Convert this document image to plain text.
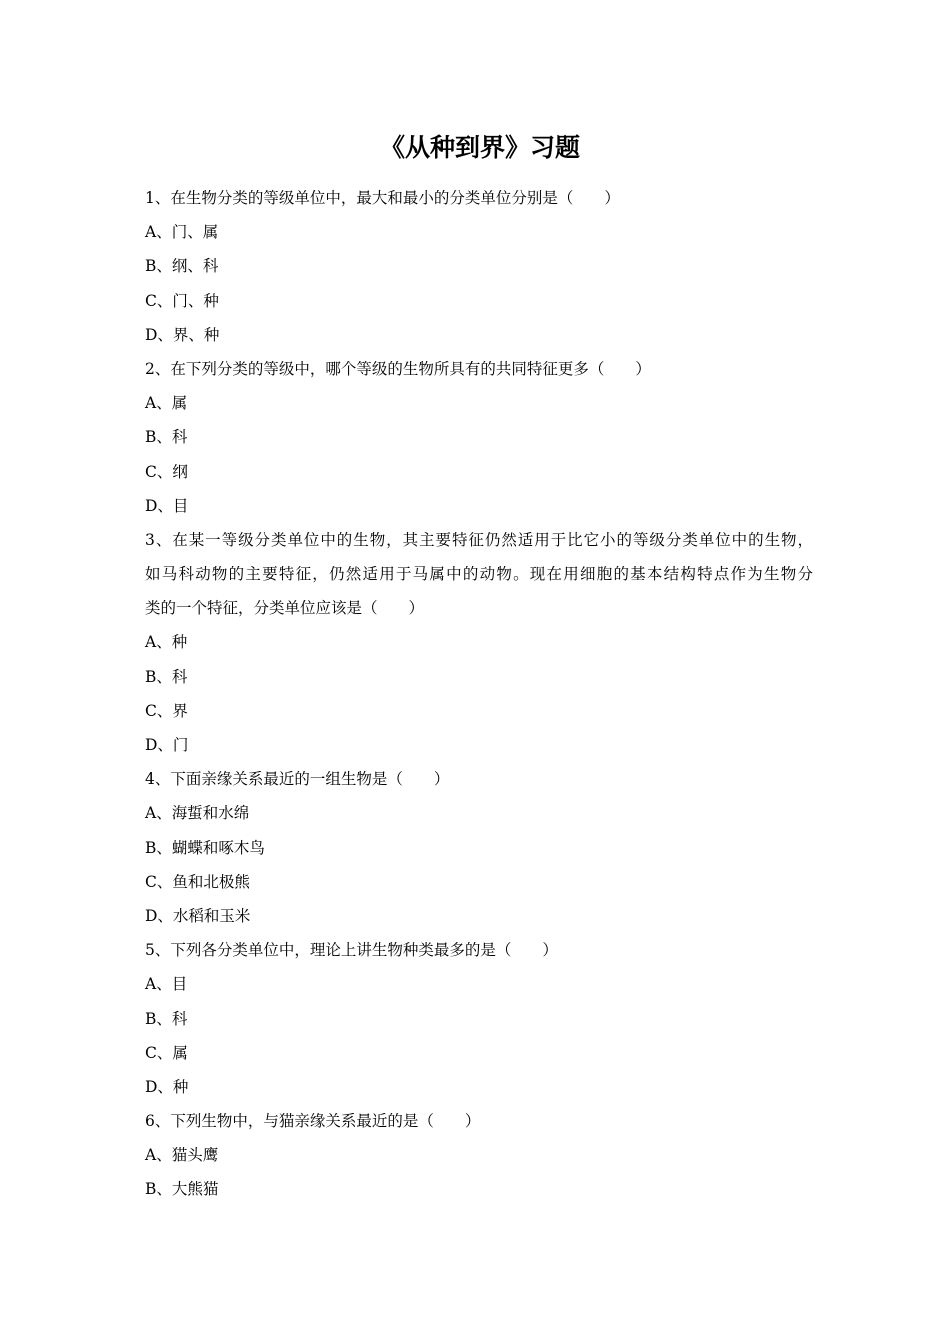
《从种到界》习题
1、在生物分类的等级单位中，最大和最小的分类单位分别是（　　）
A、门、属
B、纲、科
C、门、种
D、界、种
2、在下列分类的等级中，哪个等级的生物所具有的共同特征更多（　　）
A、属
B、科
C、纲
D、目
3、在某一等级分类单位中的生物，其主要特征仍然适用于比它小的等级分类单位中的生物，
如马科动物的主要特征，仍然适用于马属中的动物。现在用细胞的基本结构特点作为生物分
类的一个特征，分类单位应该是（　　）
A、种
B、科
C、界
D、门
4、下面亲缘关系最近的一组生物是（　　）
A、海蜇和水绵
B、蝴蝶和啄木鸟
C、鱼和北极熊
D、水稻和玉米
5、下列各分类单位中，理论上讲生物种类最多的是（　　）
A、目
B、科
C、属
D、种
6、下列生物中，与猫亲缘关系最近的是（　　）
A、猫头鹰
B、大熊猫
